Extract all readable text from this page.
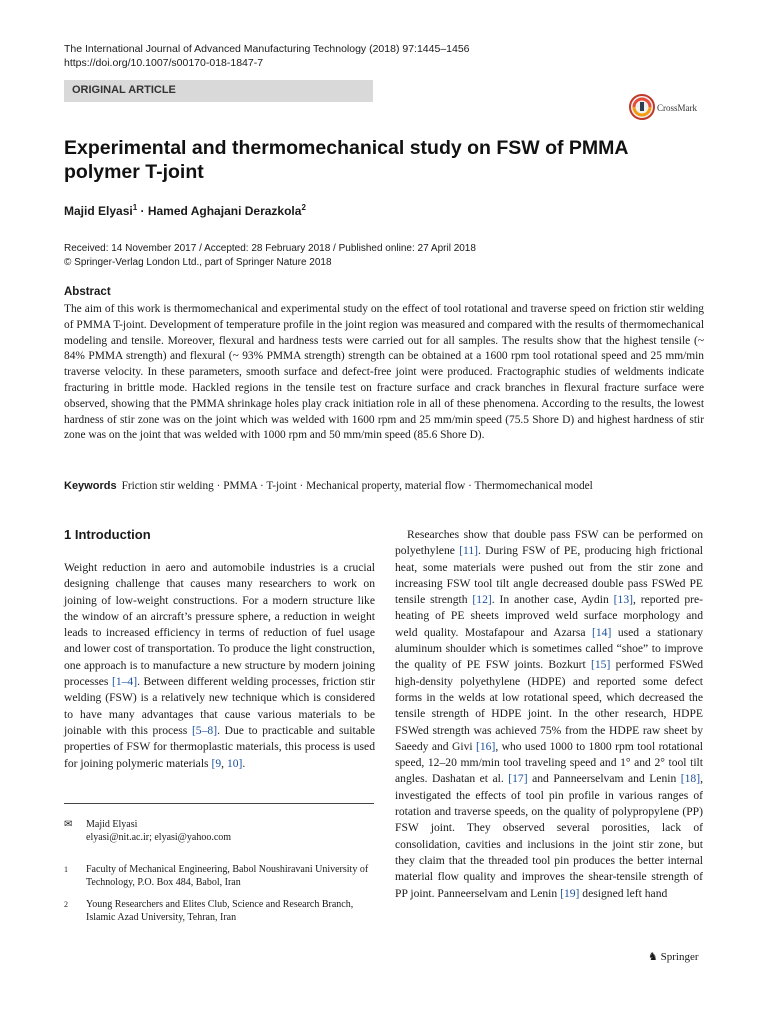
The International Journal of Advanced Manufacturing Technology (2018) 97:1445–1456
https://doi.org/10.1007/s00170-018-1847-7
ORIGINAL ARTICLE
CrossMark
Experimental and thermomechanical study on FSW of PMMA polymer T-joint
Majid Elyasi$^1$ · Hamed Aghajani Derazkola$^2$
Received: 14 November 2017 / Accepted: 28 February 2018 / Published online: 27 April 2018
© Springer-Verlag London Ltd., part of Springer Nature 2018
Abstract
The aim of this work is thermomechanical and experimental study on the effect of tool rotational and traverse speed on friction stir welding of PMMA T-joint. Development of temperature profile in the joint region was measured and compared with the results of thermomechanical modeling and tensile. Moreover, flexural and hardness tests were carried out for all samples. The results show that the highest tensile (~ 84% PMMA strength) and flexural (~ 93% PMMA strength) strength can be obtained at a 1600 rpm tool rotational speed and 25 mm/min traverse velocity. In these parameters, smooth surface and defect-free joint were produced. Fractographic studies of weldments indicate fracturing in brittle mode. Hackled regions in the tensile test on fracture surface and crack branches in flexural fracture surface were observed, showing that the PMMA shrinkage holes play crack initiation role in all of these phenomena. According to the results, the lowest hardness of stir zone was on the joint which was welded with 1600 rpm and 25 mm/min speed (75.5 Shore D) and highest hardness of stir zone was on the joint that was welded with 1000 rpm and 50 mm/min speed (85.6 Shore D).
Keywords Friction stir welding · PMMA · T-joint · Mechanical property, material flow · Thermomechanical model
1 Introduction
Weight reduction in aero and automobile industries is a crucial designing challenge that causes many researchers to work on joining of low-weight constructions. For a modern structure like the window of an aircraft’s pressure sphere, a reduction in weight leads to increased efficiency in terms of reduction of fuel usage and lower cost of transportation. To produce the light construction, one approach is to manufacture a new structure by modern joining processes [1–4]. Between different welding processes, friction stir welding (FSW) is a relatively new technique which is considered to have many advantages that cause various materials to be joinable with this process [5–8]. Due to practicable and suitable properties of FSW for thermoplastic materials, this process is used for joining polymeric materials [9, 10].
Researches show that double pass FSW can be performed on polyethylene [11]. During FSW of PE, producing high frictional heat, some materials were pushed out from the stir zone and increasing FSW tool tilt angle decreased double pass FSWed PE tensile strength [12]. In another case, Aydin [13], reported pre-heating of PE sheets improved weld surface morphology and weld quality. Mostafapour and Azarsa [14] used a stationary aluminum shoulder which is sometimes called “shoe” to improve the quality of PE FSW joints. Bozkurt [15] performed FSWed high-density polyethylene (HDPE) and reported some defect forms in the welds at low rotational speed, which decreased the tensile strength of HDPE joint. In the other research, HDPE FSWed strength was achieved 75% from the HDPE raw sheet by Saeedy and Givi [16], who used 1000 to 1800 rpm tool rotational speed, 12–20 mm/min tool traveling speed and 1° and 2° tool tilt angles. Dashatan et al. [17] and Panneerselvam and Lenin [18], investigated the effects of tool pin profile in various ranges of rotation and traverse speeds, on the quality of polypropylene (PP) FSW joint. They observed several porosities, lack of consolidation, cavities and inclusions in the joint stir zone, but they claim that the threaded tool pin produces the better internal material flow quality and improves the shear-tensile strength of PP joint. Panneerselvam and Lenin [19] designed left hand
✉	Majid Elyasi
elyasi@nit.ac.ir; elyasi@yahoo.com
1	Faculty of Mechanical Engineering, Babol Noushiravani University of Technology, P.O. Box 484, Babol, Iran
2	Young Researchers and Elites Club, Science and Research Branch, Islamic Azad University, Tehran, Iran
♞ Springer
